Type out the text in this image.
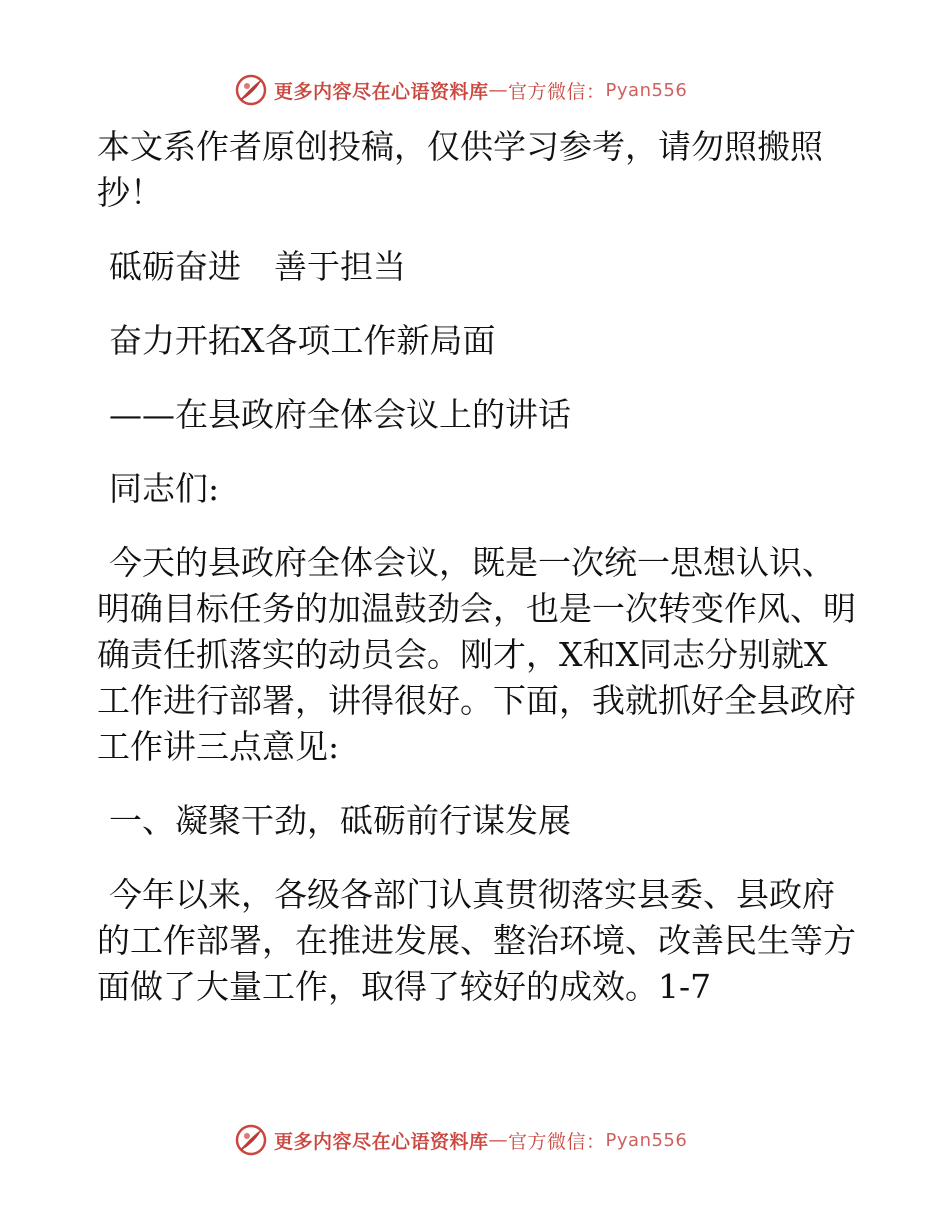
更多内容尽在心语资料库 — 官方微信： Pyan556

本文系作者原创投稿，仅供学习参考，请勿照搬照抄！

砥砺奋进　善于担当

奋力开拓X各项工作新局面

——在县政府全体会议上的讲话

同志们:

今天的县政府全体会议，既是一次统一思想认识、明确目标任务的加温鼓劲会，也是一次转变作风、明确责任抓落实的动员会。刚才，X和X同志分别就X工作进行部署，讲得很好。下面，我就抓好全县政府工作讲三点意见:

一、凝聚干劲，砥砺前行谋发展

今年以来，各级各部门认真贯彻落实县委、县政府的工作部署，在推进发展、整治环境、改善民生等方面做了大量工作，取得了较好的成效。1-7

更多内容尽在心语资料库 — 官方微信： Pyan556
